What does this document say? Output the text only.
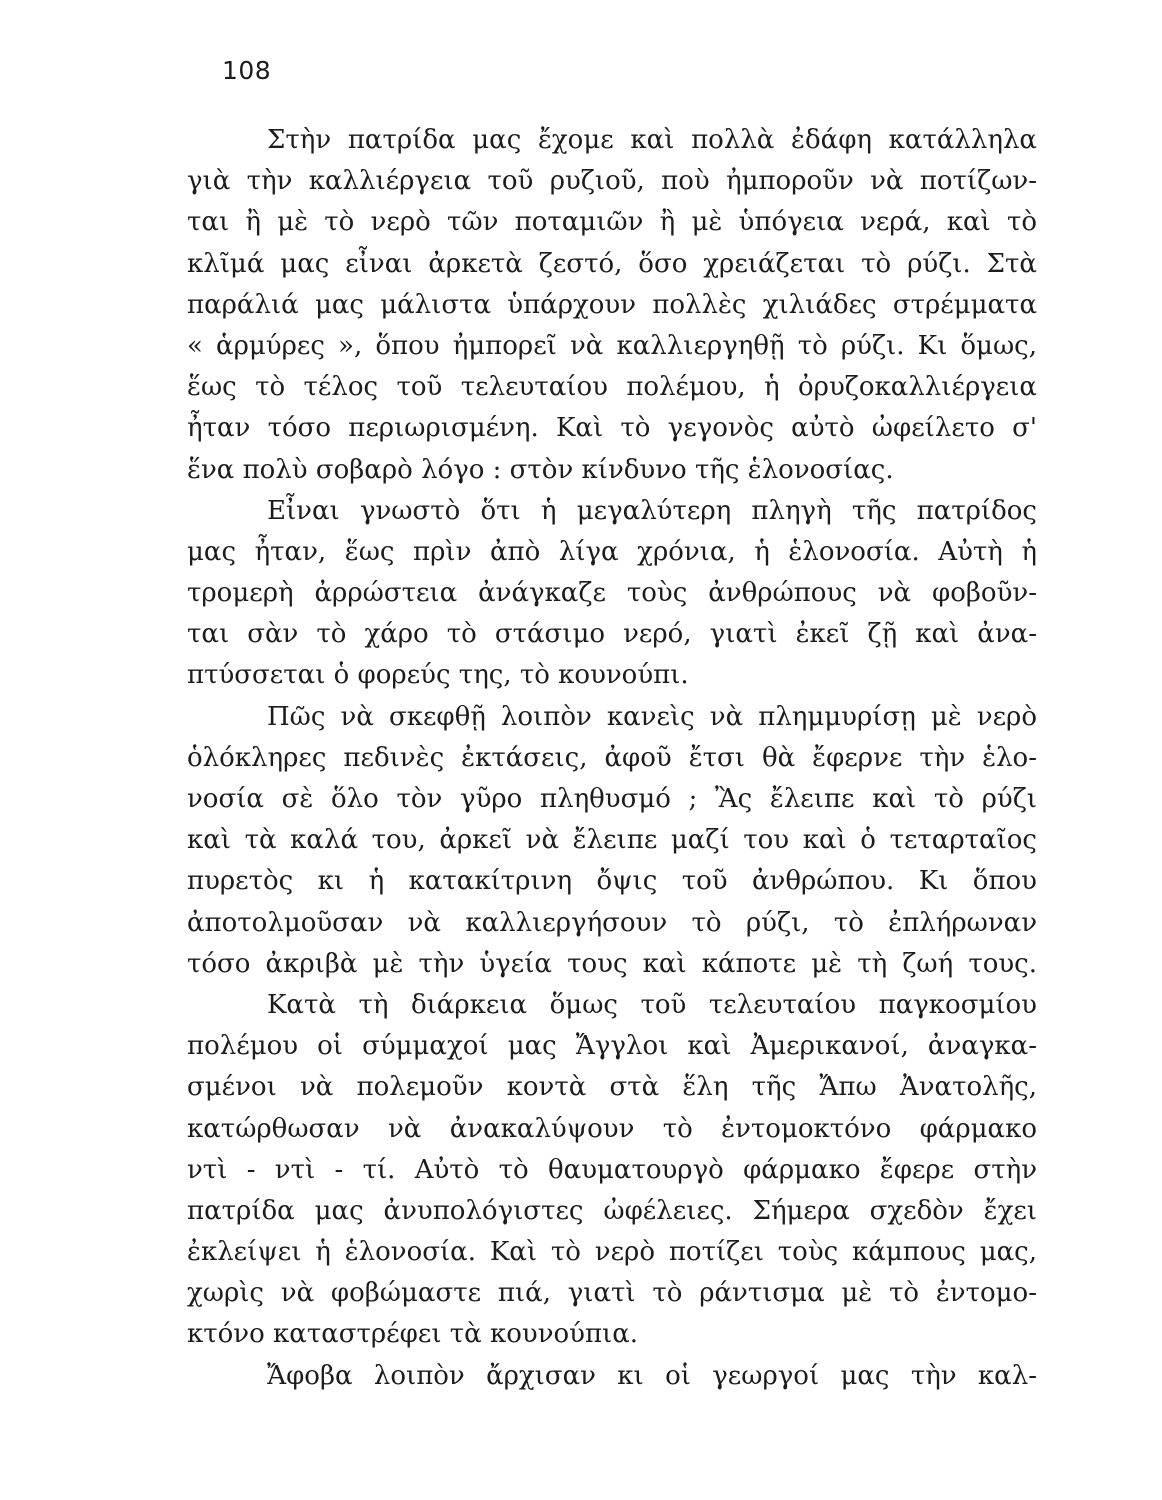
108
Στὴν πατρίδα μας ἔχομε καὶ πολλὰ ἐδάφη κατάλληλα
γιὰ τὴν καλλιέργεια τοῦ ρυζιοῦ, ποὺ ἠμποροῦν νὰ ποτίζων-
ται ἢ μὲ τὸ νερὸ τῶν ποταμιῶν ἢ μὲ ὑπόγεια νερά, καὶ τὸ
κλῖμά μας εἶναι ἀρκετὰ ζεστό, ὅσο χρειάζεται τὸ ρύζι. Στὰ
παράλιά μας μάλιστα ὑπάρχουν πολλὲς χιλιάδες στρέμματα
« ἁρμύρες », ὅπου ἠμπορεῖ νὰ καλλιεργηθῇ τὸ ρύζι. Κι ὅμως,
ἕως τὸ τέλος τοῦ τελευταίου πολέμου, ἡ ὀρυζοκαλλιέργεια
ἦταν τόσο περιωρισμένη. Καὶ τὸ γεγονὸς αὐτὸ ὠφείλετο σ'
ἕνα πολὺ σοβαρὸ λόγο : στὸν κίνδυνο τῆς ἑλονοσίας.
Εἶναι γνωστὸ ὅτι ἡ μεγαλύτερη πληγὴ τῆς πατρίδος
μας ἦταν, ἕως πρὶν ἀπὸ λίγα χρόνια, ἡ ἑλονοσία. Αὐτὴ ἡ
τρομερὴ ἀρρώστεια ἀνάγκαζε τοὺς ἀνθρώπους νὰ φοβοῦν-
ται σὰν τὸ χάρο τὸ στάσιμο νερό, γιατὶ ἐκεῖ ζῇ καὶ ἀνα-
πτύσσεται ὁ φορεύς της, τὸ κουνούπι.
Πῶς νὰ σκεφθῇ λοιπὸν κανεὶς νὰ πλημμυρίσῃ μὲ νερὸ
ὁλόκληρες πεδινὲς ἐκτάσεις, ἀφοῦ ἔτσι θὰ ἔφερνε τὴν ἑλο-
νοσία σὲ ὅλο τὸν γῦρο πληθυσμό ; Ἂς ἔλειπε καὶ τὸ ρύζι
καὶ τὰ καλά του, ἀρκεῖ νὰ ἔλειπε μαζί του καὶ ὁ τεταρταῖος
πυρετὸς κι ἡ κατακίτρινη ὄψις τοῦ ἀνθρώπου. Κι ὅπου
ἀποτολμοῦσαν νὰ καλλιεργήσουν τὸ ρύζι, τὸ ἐπλήρωναν
τόσο ἀκριβὰ μὲ τὴν ὑγεία τους καὶ κάποτε μὲ τὴ ζωή τους.
Κατὰ τὴ διάρκεια ὅμως τοῦ τελευταίου παγκοσμίου
πολέμου οἱ σύμμαχοί μας Ἄγγλοι καὶ Ἀμερικανοί, ἀναγκα-
σμένοι νὰ πολεμοῦν κοντὰ στὰ ἕλη τῆς Ἄπω Ἀνατολῆς,
κατώρθωσαν νὰ ἀνακαλύψουν τὸ ἐντομοκτόνο φάρμακο
ντὶ - ντὶ - τί. Αὐτὸ τὸ θαυματουργὸ φάρμακο ἔφερε στὴν
πατρίδα μας ἀνυπολόγιστες ὠφέλειες. Σήμερα σχεδὸν ἔχει
ἐκλείψει ἡ ἑλονοσία. Καὶ τὸ νερὸ ποτίζει τοὺς κάμπους μας,
χωρὶς νὰ φοβώμαστε πιά, γιατὶ τὸ ράντισμα μὲ τὸ ἐντομο-
κτόνο καταστρέφει τὰ κουνούπια.
Ἄφοβα λοιπὸν ἄρχισαν κι οἱ γεωργοί μας τὴν καλ-
